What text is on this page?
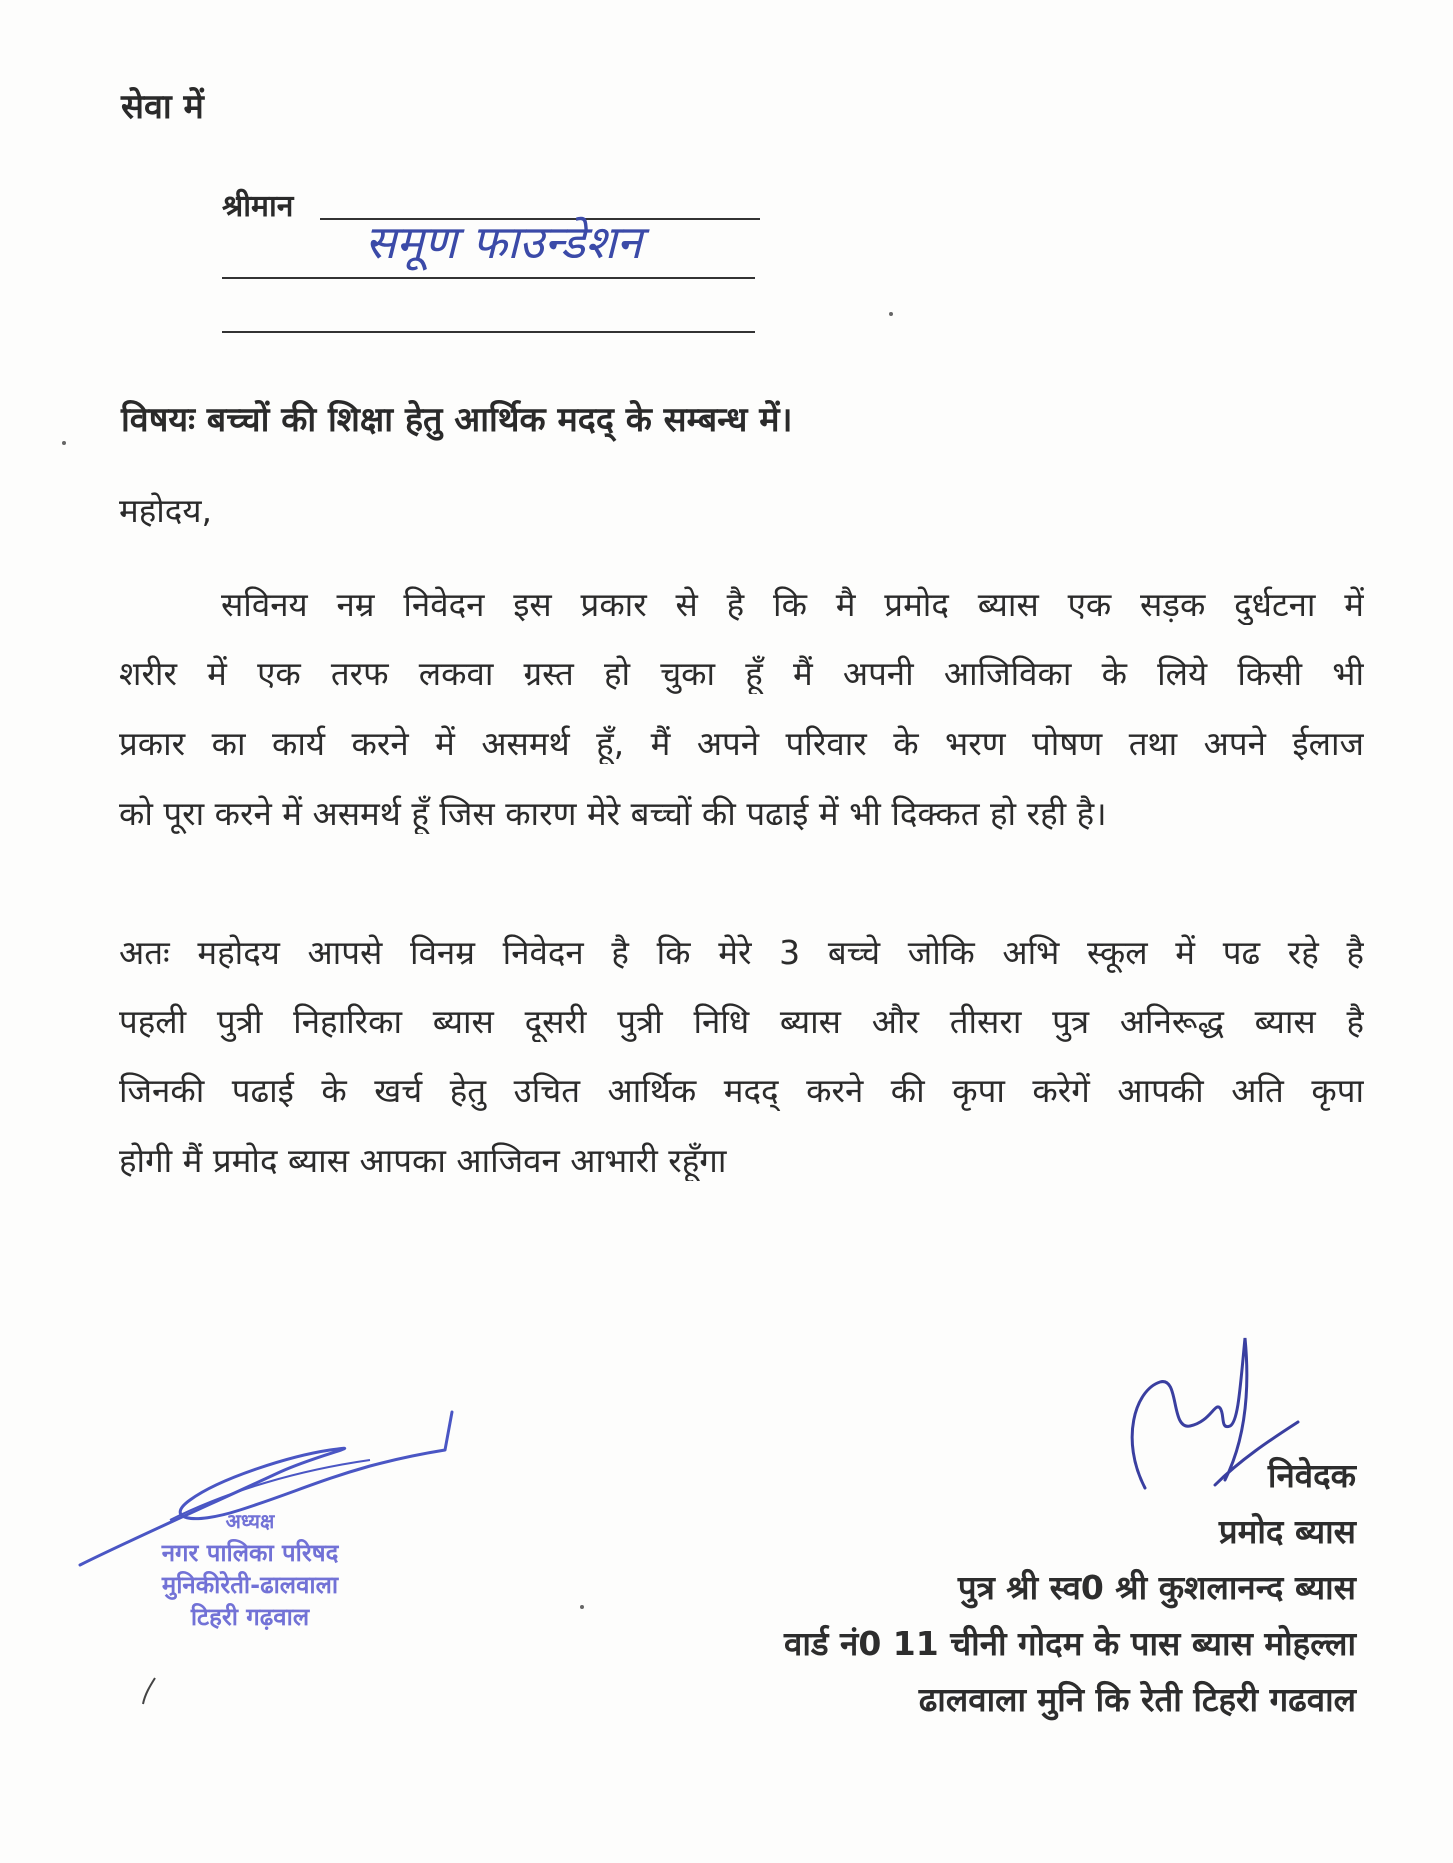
सेवा में
श्रीमान
समूण फाउन्डेशन
विषयः बच्चों की शिक्षा हेतु आर्थिक मदद् के सम्बन्ध में।
महोदय,
सविनय नम्र निवेदन इस प्रकार से है कि मै प्रमोद ब्यास एक सड़क दुर्धटना में
शरीर में एक तरफ लकवा ग्रस्त हो चुका हूँ मैं अपनी आजिविका के लिये किसी भी
प्रकार का कार्य करने में असमर्थ हूँ, मैं अपने परिवार के भरण पोषण तथा अपने ईलाज
को पूरा करने में असमर्थ हूँ जिस कारण मेरे बच्चों की पढाई में भी दिक्कत हो रही है।
अतः महोदय आपसे विनम्र निवेदन है कि मेरे 3 बच्चे जोकि अभि स्कूल में पढ रहे है
पहली पुत्री निहारिका ब्यास दूसरी पुत्री निधि ब्यास और तीसरा पुत्र अनिरूद्ध ब्यास है
जिनकी पढाई के खर्च हेतु उचित आर्थिक मदद् करने की कृपा करेगें आपकी अति कृपा
होगी मैं प्रमोद ब्यास आपका आजिवन आभारी रहूँगा
अध्यक्ष
नगर पालिका परिषद
मुनिकीरेती-ढालवाला
टिहरी गढ़वाल
निवेदक
प्रमोद ब्यास
पुत्र श्री स्व0 श्री कुशलानन्द ब्यास
वार्ड नं0 11 चीनी गोदम के पास ब्यास मोहल्ला
ढालवाला मुनि कि रेती टिहरी गढवाल
